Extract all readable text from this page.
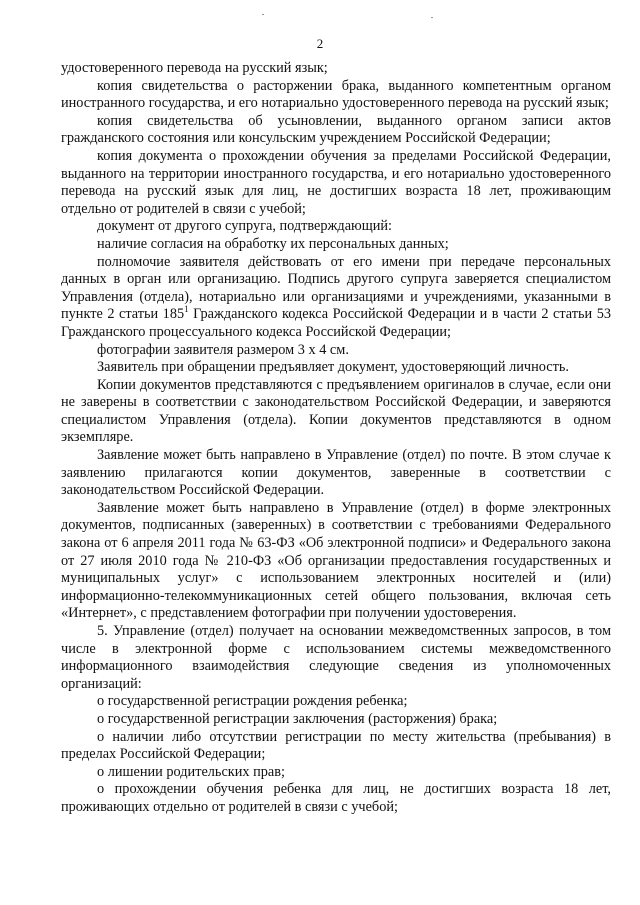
2

удостоверенного перевода на русский язык;

копия свидетельства о расторжении брака, выданного компетентным органом иностранного государства, и его нотариально удостоверенного перевода на русский язык;

копия свидетельства об усыновлении, выданного органом записи актов гражданского состояния или консульским учреждением Российской Федерации;

копия документа о прохождении обучения за пределами Российской Федерации, выданного на территории иностранного государства, и его нотариально удостоверенного перевода на русский язык для лиц, не достигших возраста 18 лет, проживающим отдельно от родителей в связи с учебой;

документ от другого супруга, подтверждающий:

наличие согласия на обработку их персональных данных;

полномочие заявителя действовать от его имени при передаче персональных данных в орган или организацию. Подпись другого супруга заверяется специалистом Управления (отдела), нотариально или организациями и учреждениями, указанными в пункте 2 статьи $185^1$ Гражданского кодекса Российской Федерации и в части 2 статьи 53 Гражданского процессуального кодекса Российской Федерации;

фотографии заявителя размером 3 х 4 см.

Заявитель при обращении предъявляет документ, удостоверяющий личность.

Копии документов представляются с предъявлением оригиналов в случае, если они не заверены в соответствии с законодательством Российской Федерации, и заверяются специалистом Управления (отдела). Копии документов представляются в одном экземпляре.

Заявление может быть направлено в Управление (отдел) по почте. В этом случае к заявлению прилагаются копии документов, заверенные в соответствии с законодательством Российской Федерации.

Заявление может быть направлено в Управление (отдел) в форме электронных документов, подписанных (заверенных) в соответствии с требованиями Федерального закона от 6 апреля 2011 года № 63-ФЗ «Об электронной подписи» и Федерального закона от 27 июля 2010 года № 210-ФЗ «Об организации предоставления государственных и муниципальных услуг» с использованием электронных носителей и (или) информационно-телекоммуникационных сетей общего пользования, включая сеть «Интернет», с представлением фотографии при получении удостоверения.

5. Управление (отдел) получает на основании межведомственных запросов, в том числе в электронной форме с использованием системы межведомственного информационного взаимодействия следующие сведения из уполномоченных организаций:

о государственной регистрации рождения ребенка;

о государственной регистрации заключения (расторжения) брака;

о наличии либо отсутствии регистрации по месту жительства (пребывания) в пределах Российской Федерации;

о лишении родительских прав;

о прохождении обучения ребенка для лиц, не достигших возраста 18 лет, проживающих отдельно от родителей в связи с учебой;
